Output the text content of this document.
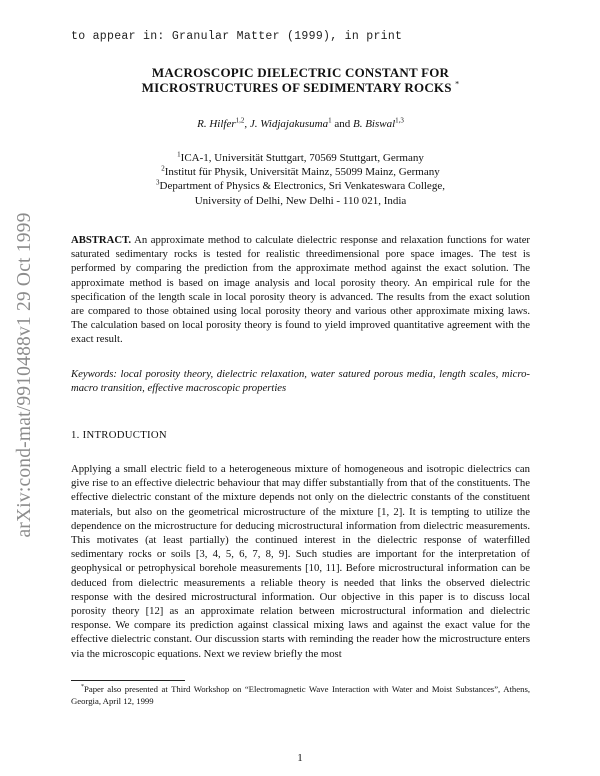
to appear in: Granular Matter (1999), in print
arXiv:cond-mat/9910488v1 29 Oct 1999
MACROSCOPIC DIELECTRIC CONSTANT FOR
MICROSTRUCTURES OF SEDIMENTARY ROCKS *
R. Hilfer$^{1,2}$, J. Widjajakusuma$^1$ and B. Biswal$^{1,3}$
$^1$ICA-1, Universität Stuttgart, 70569 Stuttgart, Germany
$^2$Institut für Physik, Universität Mainz, 55099 Mainz, Germany
$^3$Department of Physics & Electronics, Sri Venkateswara College,
University of Delhi, New Delhi - 110 021, India

ABSTRACT. An approximate method to calculate dielectric response and relaxation functions for water saturated sedimentary rocks is tested for realistic threedimensional pore space images. The test is performed by comparing the prediction from the approximate method against the exact solution. The approximate method is based on image analysis and local porosity theory. An empirical rule for the specification of the length scale in local porosity theory is advanced. The results from the exact solution are compared to those obtained using local porosity theory and various other approximate mixing laws. The calculation based on local porosity theory is found to yield improved quantitative agreement with the exact result.

Keywords: local porosity theory, dielectric relaxation, water satured porous media, length scales, micro-macro transition, effective macroscopic properties

1. INTRODUCTION

Applying a small electric field to a heterogeneous mixture of homogeneous and isotropic dielectrics can give rise to an effective dielectric behaviour that may differ substantially from that of the constituents. The effective dielectric constant of the mixture depends not only on the dielectric constants of the constituent materials, but also on the geometrical microstructure of the mixture [1, 2]. It is tempting to utilize the dependence on the microstructure for deducing microstructural information from dielectric measurements. This motivates (at least partially) the continued interest in the dielectric response of waterfilled sedimentary rocks or soils [3, 4, 5, 6, 7, 8, 9]. Such studies are important for the interpretation of geophysical or petrophysical borehole measurements [10, 11]. Before microstructural information can be deduced from dielectric measurements a reliable theory is needed that links the observed dielectric response with the desired microstructural information. Our objective in this paper is to discuss local porosity theory [12] as an approximate relation between microstructural information and dielectric response. We compare its prediction against classical mixing laws and against the exact value for the effective dielectric constant. Our discussion starts with reminding the reader how the microstructure enters via the microscopic equations. Next we review briefly the most

*Paper also presented at Third Workshop on “Electromagnetic Wave Interaction with Water and Moist Substances”, Athens, Georgia, April 12, 1999
1
